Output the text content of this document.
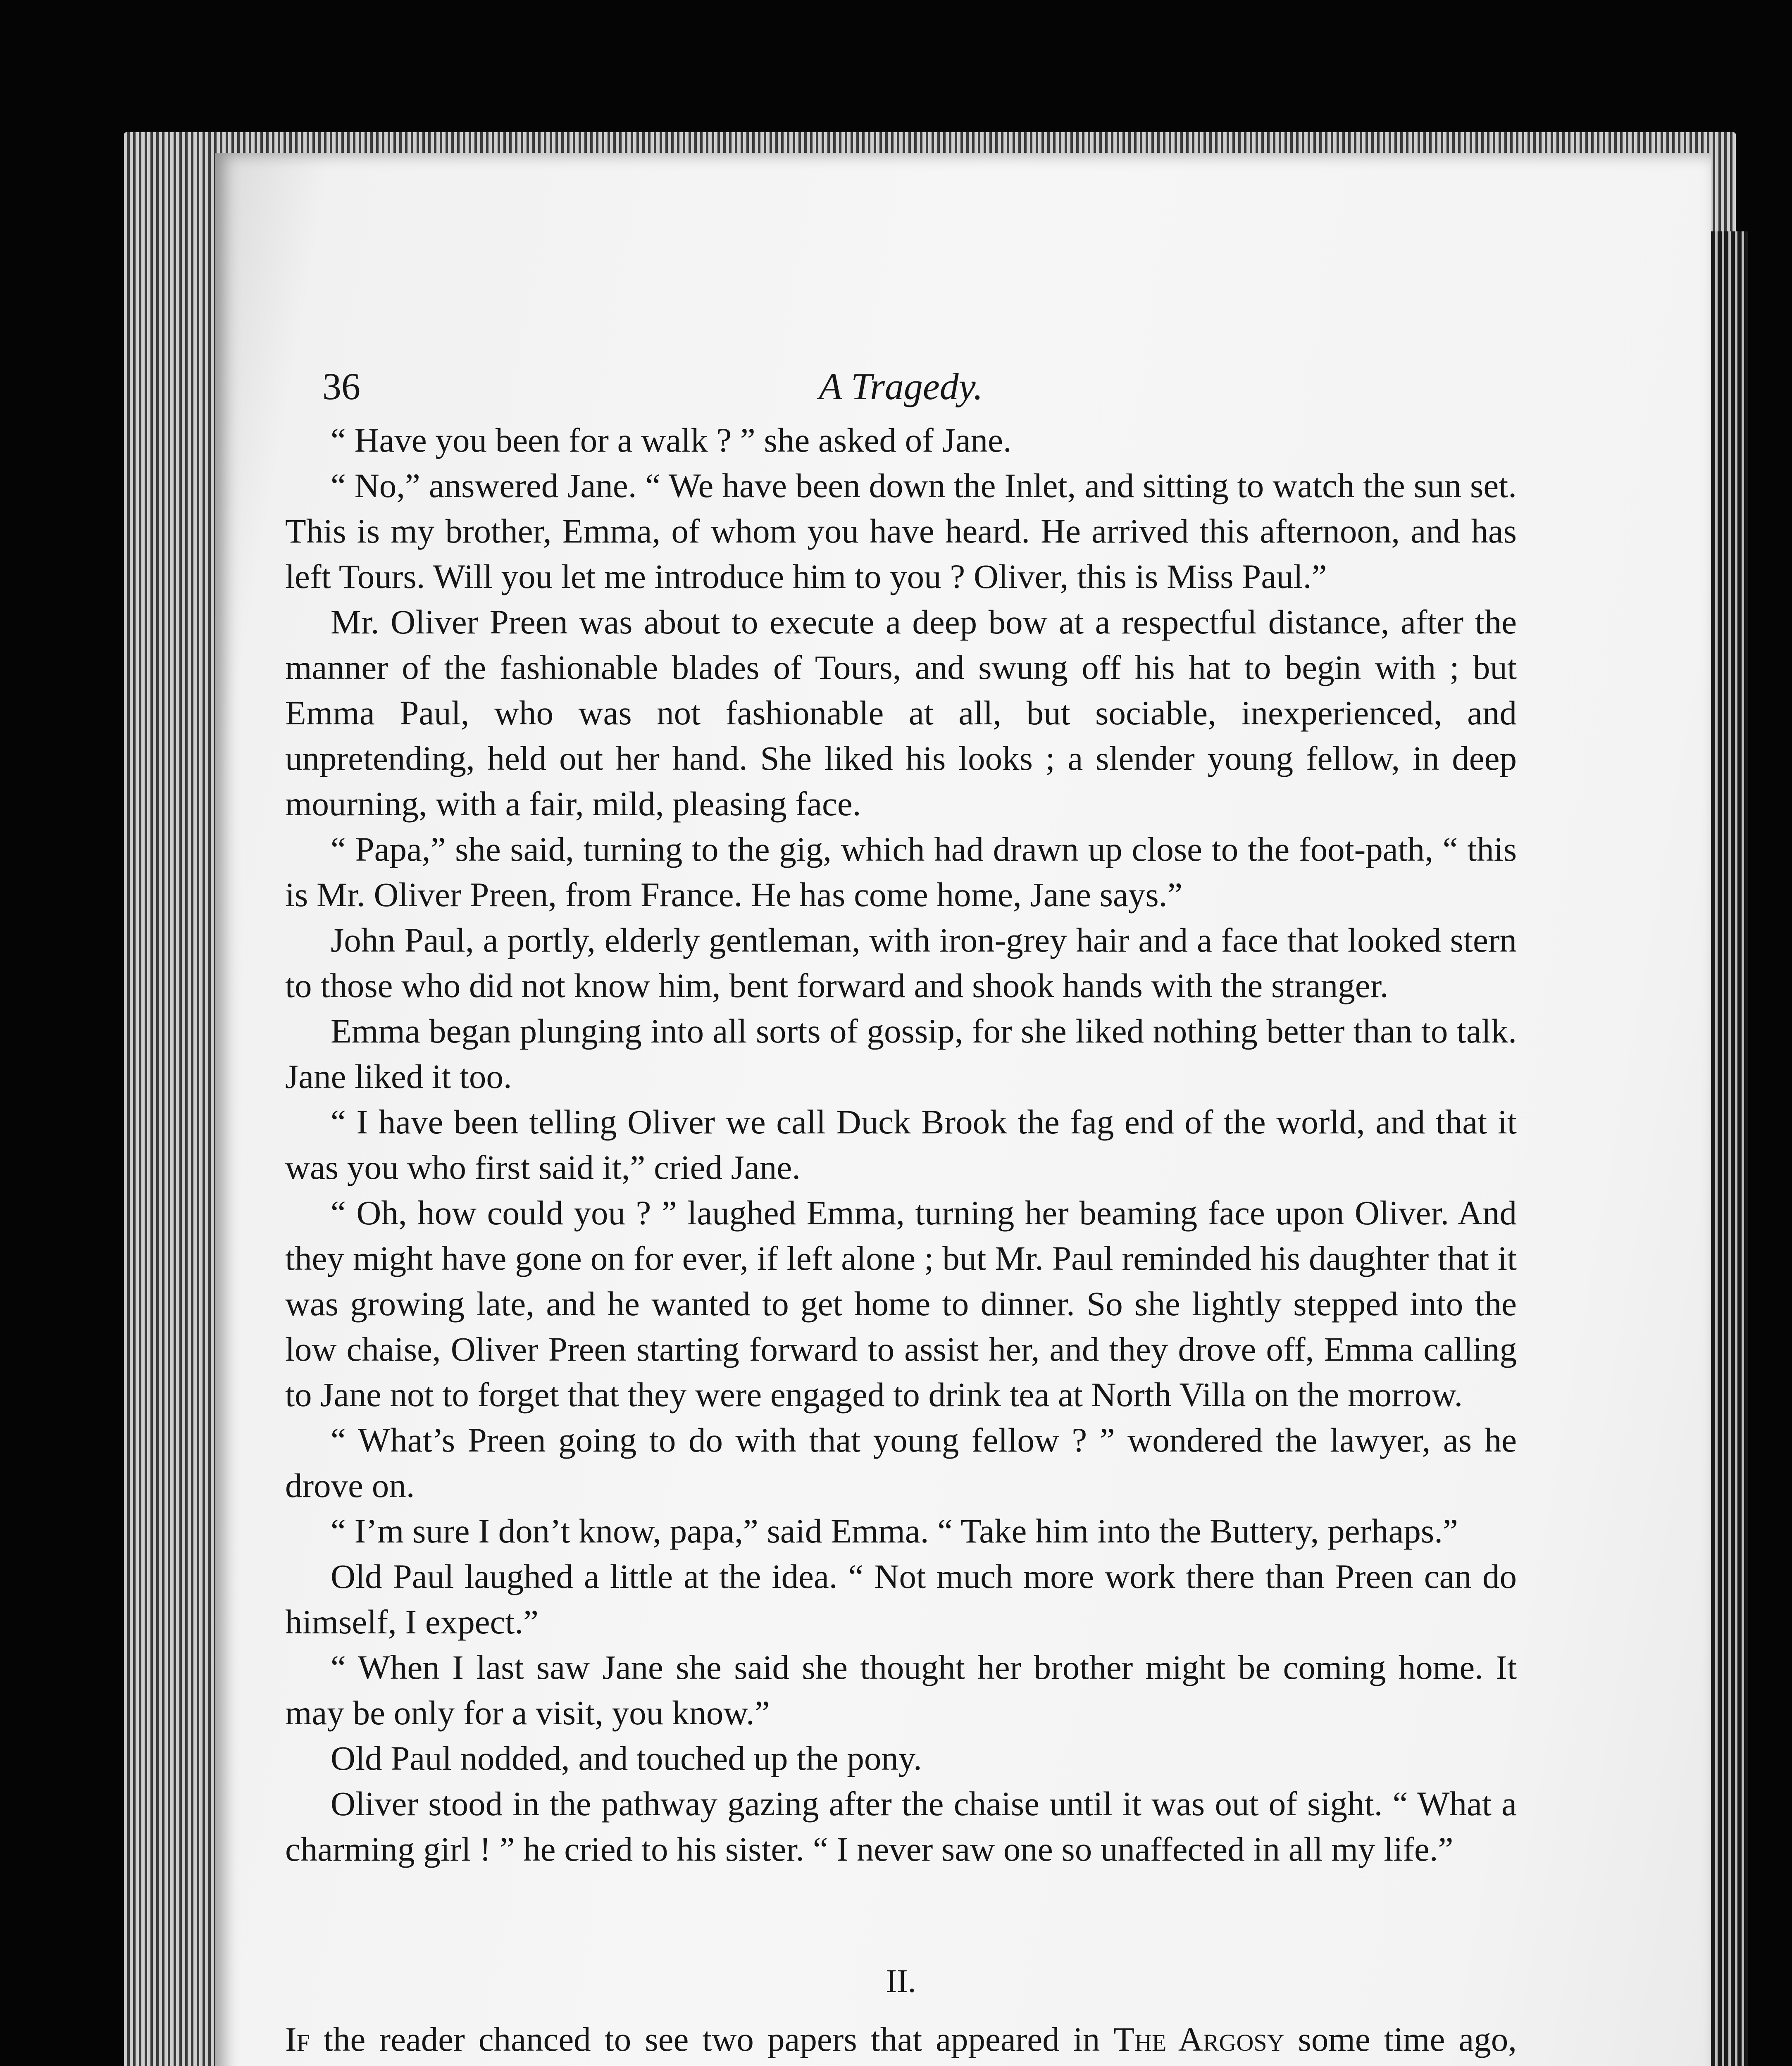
36	A Tragedy.

“ Have you been for a walk ? ” she asked of Jane.

“ No,” answered Jane. “ We have been down the Inlet, and sitting to watch the sun set. This is my brother, Emma, of whom you have heard. He arrived this afternoon, and has left Tours. Will you let me introduce him to you ? Oliver, this is Miss Paul.”

Mr. Oliver Preen was about to execute a deep bow at a respectful distance, after the manner of the fashionable blades of Tours, and swung off his hat to begin with ; but Emma Paul, who was not fashionable at all, but sociable, inexperienced, and unpretending, held out her hand. She liked his looks ; a slender young fellow, in deep mourning, with a fair, mild, pleasing face.

“ Papa,” she said, turning to the gig, which had drawn up close to the foot-path, “ this is Mr. Oliver Preen, from France. He has come home, Jane says.”

John Paul, a portly, elderly gentleman, with iron-grey hair and a face that looked stern to those who did not know him, bent forward and shook hands with the stranger.

Emma began plunging into all sorts of gossip, for she liked nothing better than to talk. Jane liked it too.

“ I have been telling Oliver we call Duck Brook the fag end of the world, and that it was you who first said it,” cried Jane.

“ Oh, how could you ? ” laughed Emma, turning her beaming face upon Oliver. And they might have gone on for ever, if left alone ; but Mr. Paul reminded his daughter that it was growing late, and he wanted to get home to dinner. So she lightly stepped into the low chaise, Oliver Preen starting forward to assist her, and they drove off, Emma calling to Jane not to forget that they were engaged to drink tea at North Villa on the morrow.

“ What’s Preen going to do with that young fellow ? ” wondered the lawyer, as he drove on.

“ I’m sure I don’t know, papa,” said Emma. “ Take him into the Buttery, perhaps.”

Old Paul laughed a little at the idea. “ Not much more work there than Preen can do himself, I expect.”

“ When I last saw Jane she said she thought her brother might be coming home. It may be only for a visit, you know.”

Old Paul nodded, and touched up the pony.

Oliver stood in the pathway gazing after the chaise until it was out of sight. “ What a charming girl ! ” he cried to his sister. “ I never saw one so unaffected in all my life.”

II.

If the reader chanced to see two papers that appeared in The Argosy some time ago,
